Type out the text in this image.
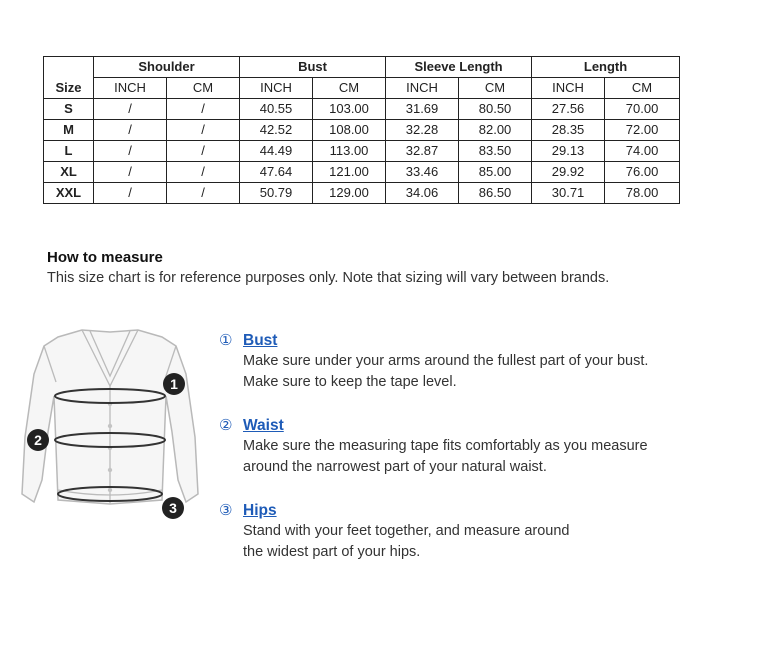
	Shoulder		Bust		Sleeve Length		Length	
Size	INCH	CM	INCH	CM	INCH	CM	INCH	CM
S	/	/	40.55	103.00	31.69	80.50	27.56	70.00
M	/	/	42.52	108.00	32.28	82.00	28.35	72.00
L	/	/	44.49	113.00	32.87	83.50	29.13	74.00
XL	/	/	47.64	121.00	33.46	85.00	29.92	76.00
XXL	/	/	50.79	129.00	34.06	86.50	30.71	78.00
How to measure
This size chart is for reference purposes only. Note that sizing will vary between brands.
1
2
3
① Bust
Make sure under your arms around the fullest part of your bust.
Make sure to keep the tape level.
② Waist
Make sure the measuring tape fits comfortably as you measure
around the narrowest part of your natural waist.
③ Hips
Stand with your feet together, and measure around
the widest part of your hips.
